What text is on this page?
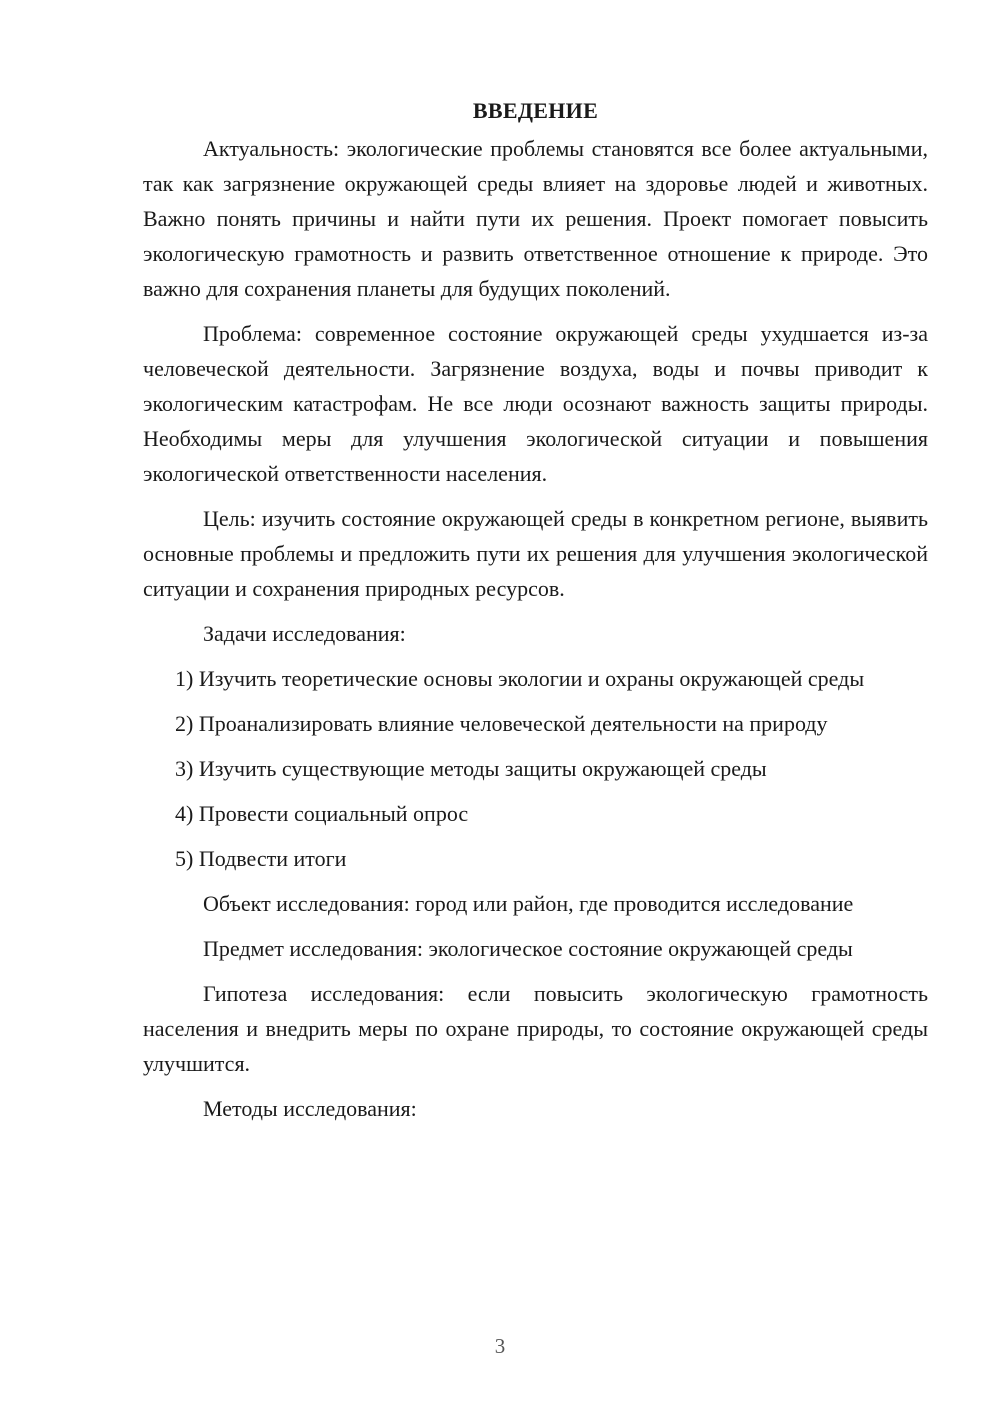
ВВЕДЕНИЕ

Актуальность: экологические проблемы становятся все более актуальными, так как загрязнение окружающей среды влияет на здоровье людей и животных. Важно понять причины и найти пути их решения. Проект помогает повысить экологическую грамотность и развить ответственное отношение к природе. Это важно для сохранения планеты для будущих поколений.

Проблема: современное состояние окружающей среды ухудшается из-за человеческой деятельности. Загрязнение воздуха, воды и почвы приводит к экологическим катастрофам. Не все люди осознают важность защиты природы. Необходимы меры для улучшения экологической ситуации и повышения экологической ответственности населения.

Цель: изучить состояние окружающей среды в конкретном регионе, выявить основные проблемы и предложить пути их решения для улучшения экологической ситуации и сохранения природных ресурсов.

Задачи исследования:

1) Изучить теоретические основы экологии и охраны окружающей среды

2) Проанализировать влияние человеческой деятельности на природу

3) Изучить существующие методы защиты окружающей среды

4) Провести социальный опрос

5) Подвести итоги

Объект исследования: город или район, где проводится исследование

Предмет исследования: экологическое состояние окружающей среды

Гипотеза исследования: если повысить экологическую грамотность населения и внедрить меры по охране природы, то состояние окружающей среды улучшится.

Методы исследования:

3
